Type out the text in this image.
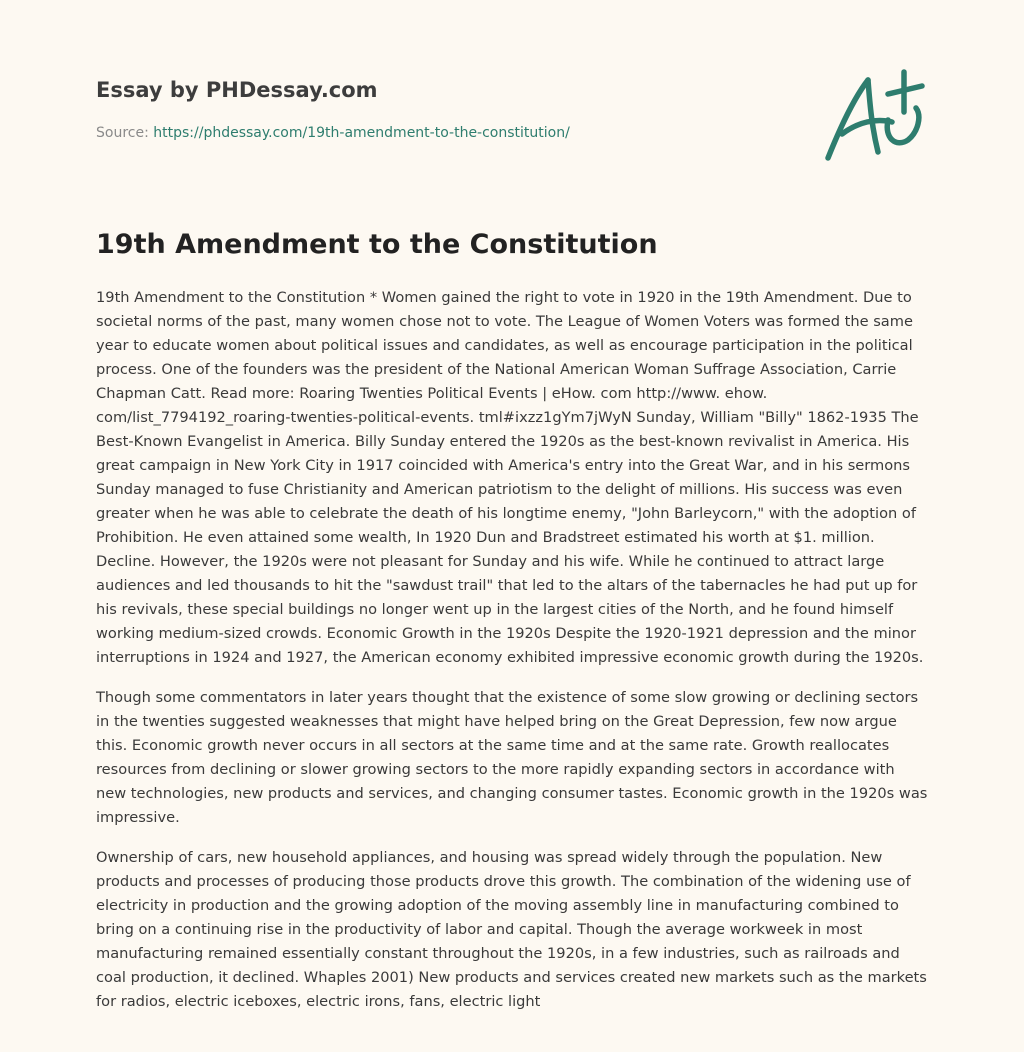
Essay by PHDessay.com
Source: https://phdessay.com/19th-amendment-to-the-constitution/
19th Amendment to the Constitution

19th Amendment to the Constitution * Women gained the right to vote in 1920 in the 19th Amendment. Due to societal norms of the past, many women chose not to vote. The League of Women Voters was formed the same year to educate women about political issues and candidates, as well as encourage participation in the political process. One of the founders was the president of the National American Woman Suffrage Association, Carrie Chapman Catt. Read more: Roaring Twenties Political Events | eHow. com http://www. ehow. com/list_7794192_roaring-twenties-political-events. tml#ixzz1gYm7jWyN Sunday, William "Billy" 1862-1935 The Best-Known Evangelist in America. Billy Sunday entered the 1920s as the best-known revivalist in America. His great campaign in New York City in 1917 coincided with America's entry into the Great War, and in his sermons Sunday managed to fuse Christianity and American patriotism to the delight of millions. His success was even greater when he was able to celebrate the death of his longtime enemy, "John Barleycorn," with the adoption of Prohibition. He even attained some wealth, In 1920 Dun and Bradstreet estimated his worth at $1. million. Decline. However, the 1920s were not pleasant for Sunday and his wife. While he continued to attract large audiences and led thousands to hit the "sawdust trail" that led to the altars of the tabernacles he had put up for his revivals, these special buildings no longer went up in the largest cities of the North, and he found himself working medium-sized crowds. Economic Growth in the 1920s Despite the 1920-1921 depression and the minor interruptions in 1924 and 1927, the American economy exhibited impressive economic growth during the 1920s.

Though some commentators in later years thought that the existence of some slow growing or declining sectors in the twenties suggested weaknesses that might have helped bring on the Great Depression, few now argue this. Economic growth never occurs in all sectors at the same time and at the same rate. Growth reallocates resources from declining or slower growing sectors to the more rapidly expanding sectors in accordance with new technologies, new products and services, and changing consumer tastes. Economic growth in the 1920s was impressive.

Ownership of cars, new household appliances, and housing was spread widely through the population. New products and processes of producing those products drove this growth. The combination of the widening use of electricity in production and the growing adoption of the moving assembly line in manufacturing combined to bring on a continuing rise in the productivity of labor and capital. Though the average workweek in most manufacturing remained essentially constant throughout the 1920s, in a few industries, such as railroads and coal production, it declined. Whaples 2001) New products and services created new markets such as the markets for radios, electric iceboxes, electric irons, fans, electric light
